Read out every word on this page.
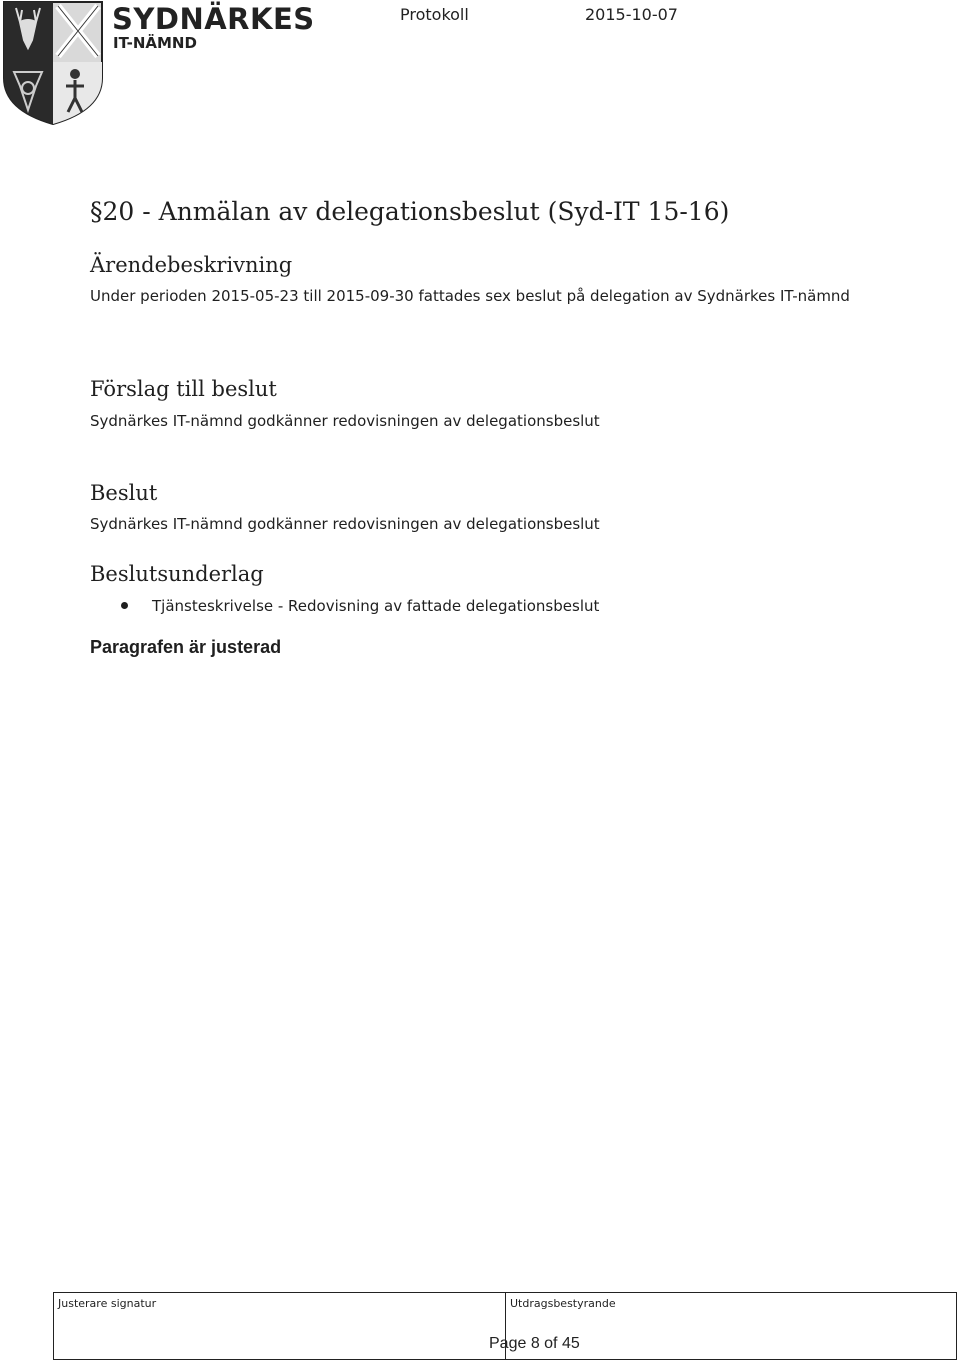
SYDNÄRKES
IT-NÄMND
Protokoll	2015-10-07
§20 - Anmälan av delegationsbeslut (Syd-IT 15-16)
Ärendebeskrivning
Under perioden 2015-05-23 till 2015-09-30 fattades sex beslut på delegation av Sydnärkes IT-nämnd
Förslag till beslut
Sydnärkes IT-nämnd godkänner redovisningen av delegationsbeslut
Beslut
Sydnärkes IT-nämnd godkänner redovisningen av delegationsbeslut
Beslutsunderlag
Tjänsteskrivelse - Redovisning av fattade delegationsbeslut
Paragrafen är justerad
Justerare signatur	Utdragsbestyrande
Page 8 of 45
